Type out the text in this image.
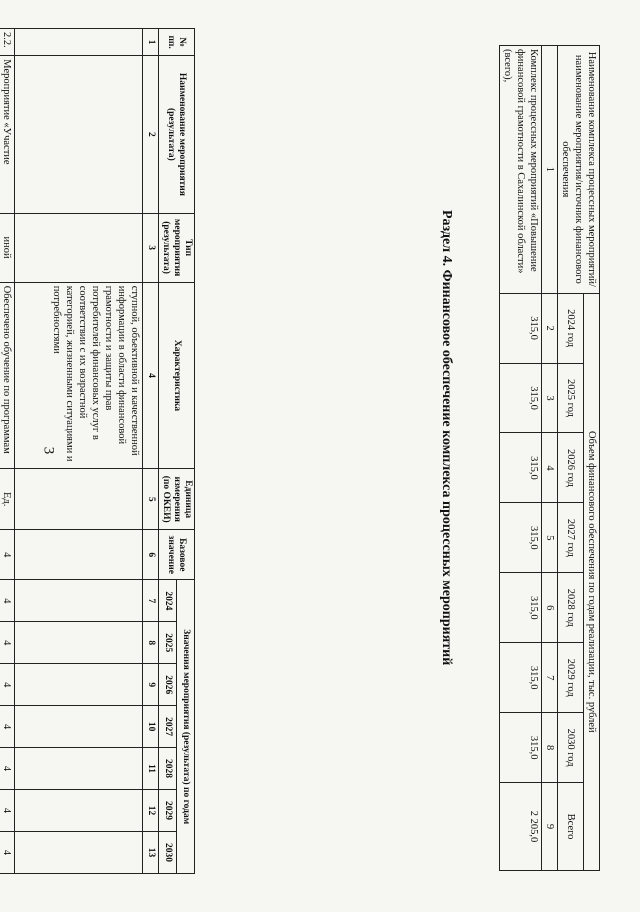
3
№ пп.	Наименование мероприятия (результата)	Тип мероприятия (результата)	Характеристика	Единица измерения (по ОКЕИ)	Базовое значение	Значения мероприятия (результата) по годам						
						2024	2025	2026	2027	2028	2029	2030
1	2	3	4	5	6	7	8	9	10	11	12	13
			ступной, объективной и качественной информации в области финансовой грамотности и защиты прав потребителей финансовых услуг в соответствии с их возрастной категорией, жизненными ситуациями и потребностями									
2.2.	Мероприятие «Участие	иной	Обеспечено обучение по программам	Ед.	4	4	4	4	4	4	4	4
Раздел 4. Финансовое обеспечение комплекса процессных мероприятий
Наименование комплекса процессных мероприятий/наименование мероприятия/источник финансового обеспечения	Объем финансового обеспечения по годам реализации, тыс. рублей							
	2024 год	2025 год	2026 год	2027 год	2028 год	2029 год	2030 год	Всего
1	2	3	4	5	6	7	8	9
Комплекс процессных мероприятий «Повышение финансовой грамотности в Сахалинской области» (всего),	315,0	315,0	315,0	315,0	315,0	315,0	315,0	2 205,0
